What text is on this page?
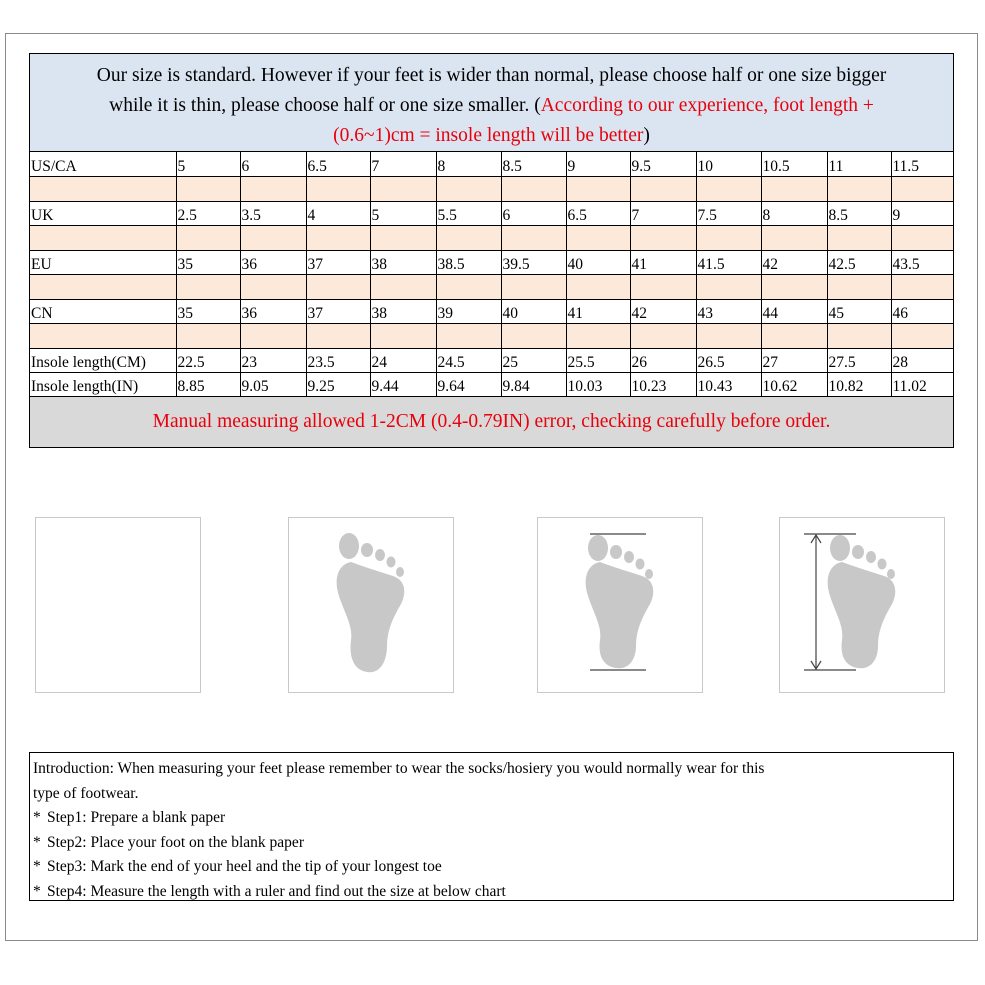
Our size is standard. However if your feet is wider than normal, please choose half or one size bigger
while it is thin, please choose half or one size smaller. (According to our experience, foot length +
(0.6~1)cm = insole length will be better)
US/CA	5	6	6.5	7	8	8.5	9	9.5	10	10.5	11	11.5

UK	2.5	3.5	4	5	5.5	6	6.5	7	7.5	8	8.5	9

EU	35	36	37	38	38.5	39.5	40	41	41.5	42	42.5	43.5

CN	35	36	37	38	39	40	41	42	43	44	45	46

Insole length(CM)	22.5	23	23.5	24	24.5	25	25.5	26	26.5	27	27.5	28
Insole length(IN)	8.85	9.05	9.25	9.44	9.64	9.84	10.03	10.23	10.43	10.62	10.82	11.02
Manual measuring allowed 1-2CM (0.4-0.79IN) error, checking carefully before order.

Introduction: When measuring your feet please remember to wear the socks/hosiery you would normally wear for this

type of footwear.

* Step1: Prepare a blank paper

* Step2: Place your foot on the blank paper

* Step3: Mark the end of your heel and the tip of your longest toe

* Step4: Measure the length with a ruler and find out the size at below chart
